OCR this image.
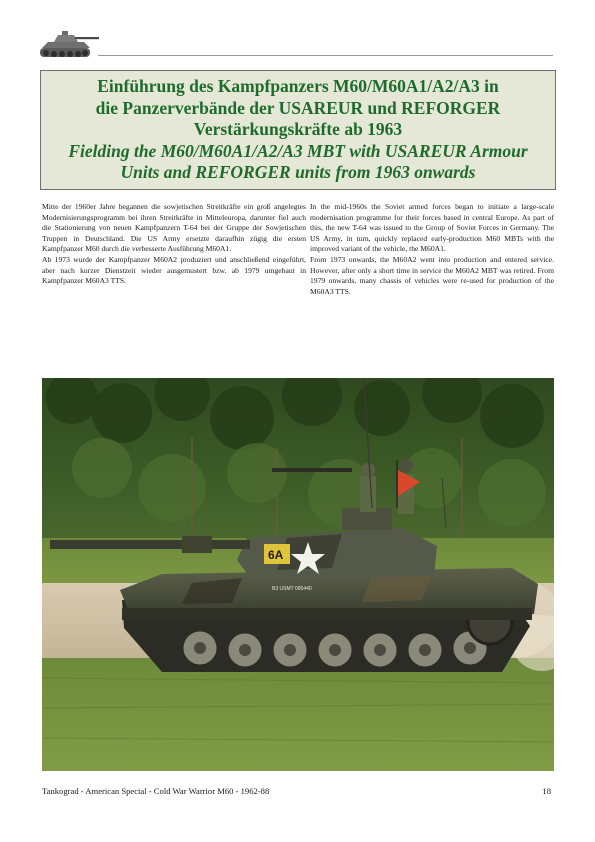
Einführung des Kampfpanzers M60/M60A1/A2/A3 in
die Panzerverbände der USAREUR und REFORGER
Verstärkungskräfte ab 1963
Fielding the M60/M60A1/A2/A3 MBT with USAREUR Armour
Units and REFORGER units from 1963 onwards

Mitte der 1960er Jahre begannen die sowjetischen Streitkräfte ein groß angelegtes Modernisierungsprogramm bei ihren Streitkräfte in Mitteleuropa, darunter fiel auch die Stationierung von neuen Kampfpanzern T-64 bei der Gruppe der Sowjetischen Truppen in Deutschland. Die US Army ersetzte daraufhin zügig die ersten Kampfpanzer M60 durch die verbesserte Ausführung M60A1.

Ab 1973 wurde der Kampfpanzer M60A2 produziert und anschließend eingeführt, aber nach kurzer Dienstzeit wieder ausgemustert bzw. ab 1979 umgebaut in Kampfpanzer M60A3 TTS.

In the mid-1960s the Soviet armed forces began to initiate a large-scale modernisation programme for their forces based in central Europe. As part of this, the new T-64 was issued to the Group of Soviet Forces in Germany. The US Army, in turn, quickly replaced early-production M60 MBTs with the improved variant of the vehicle, the M60A1.

From 1973 onwards, the M60A2 went into production and entered service. However, after only a short time in service the M60A2 MBT was retired. From 1979 onwards, many chassis of vehicles were re-used for production of the M60A3 TTS.

6A
B3 USMT 095440
Tankograd - American Special - Cold War Warrior M60 - 1962-88	18
